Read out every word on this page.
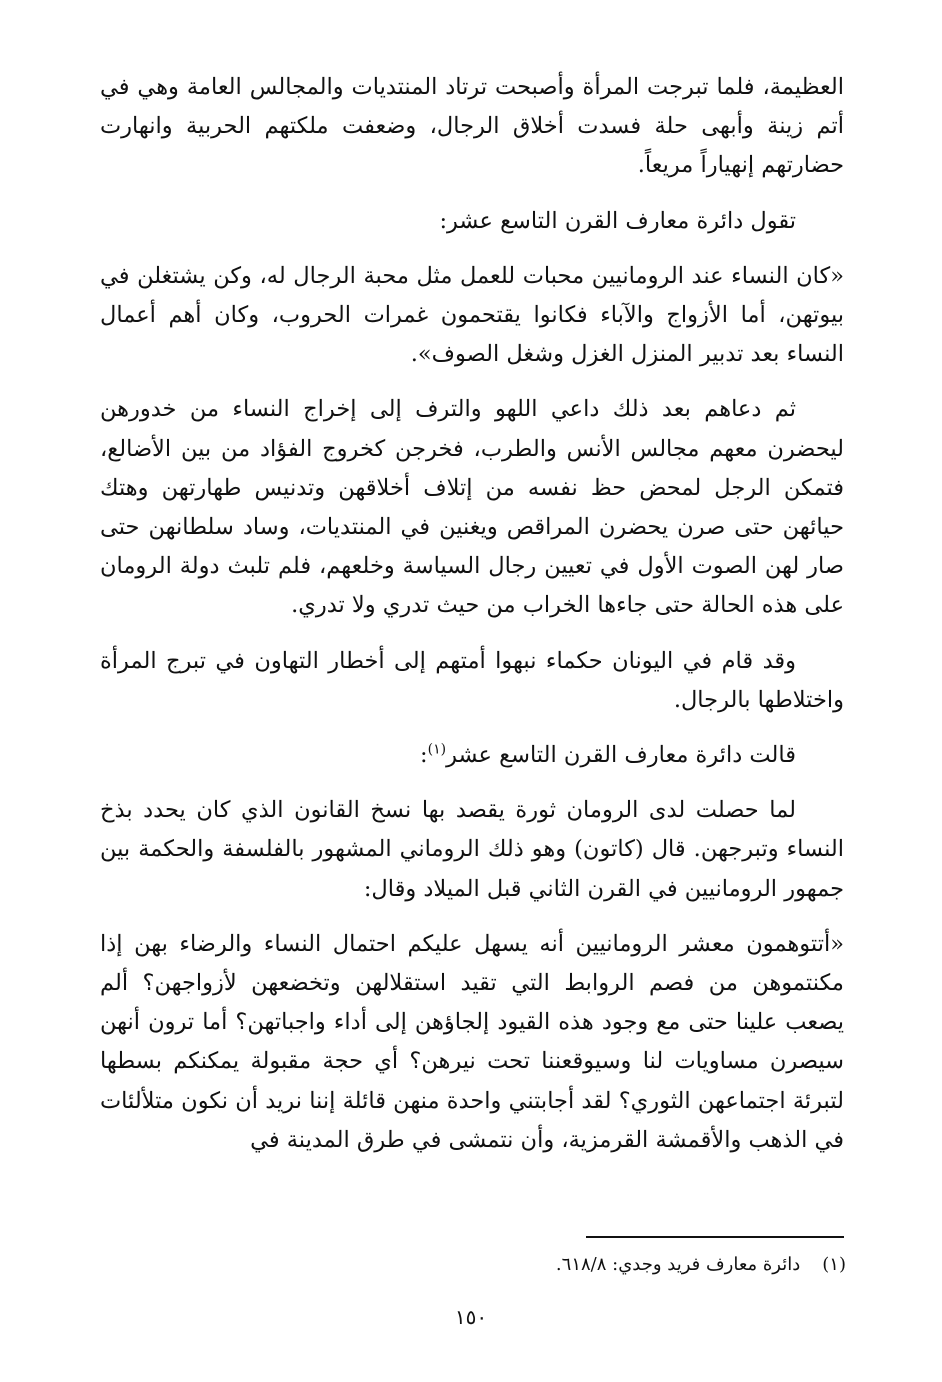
العظيمة، فلما تبرجت المرأة وأصبحت ترتاد المنتديات والمجالس العامة وهي في أتم زينة وأبهى حلة فسدت أخلاق الرجال، وضعفت ملكتهم الحربية وانهارت حضارتهم إنهياراً مريعاً.

تقول دائرة معارف القرن التاسع عشر:

«كان النساء عند الرومانيين محبات للعمل مثل محبة الرجال له، وكن يشتغلن في بيوتهن، أما الأزواج والآباء فكانوا يقتحمون غمرات الحروب، وكان أهم أعمال النساء بعد تدبير المنزل الغزل وشغل الصوف».

ثم دعاهم بعد ذلك داعي اللهو والترف إلى إخراج النساء من خدورهن ليحضرن معهم مجالس الأنس والطرب، فخرجن كخروج الفؤاد من بين الأضالع، فتمكن الرجل لمحض حظ نفسه من إتلاف أخلاقهن وتدنيس طهارتهن وهتك حيائهن حتى صرن يحضرن المراقص ويغنين في المنتديات، وساد سلطانهن حتى صار لهن الصوت الأول في تعيين رجال السياسة وخلعهم، فلم تلبث دولة الرومان على هذه الحالة حتى جاءها الخراب من حيث تدري ولا تدري.

وقد قام في اليونان حكماء نبهوا أمتهم إلى أخطار التهاون في تبرج المرأة واختلاطها بالرجال.

قالت دائرة معارف القرن التاسع عشر$^{(١)}$:

لما حصلت لدى الرومان ثورة يقصد بها نسخ القانون الذي كان يحدد بذخ النساء وتبرجهن. قال (كاتون) وهو ذلك الروماني المشهور بالفلسفة والحكمة بين جمهور الرومانيين في القرن الثاني قبل الميلاد وقال:

«أتتوهمون معشر الرومانيين أنه يسهل عليكم احتمال النساء والرضاء بهن إذا مكنتموهن من فصم الروابط التي تقيد استقلالهن وتخضعهن لأزواجهن؟ ألم يصعب علينا حتى مع وجود هذه القيود إلجاؤهن إلى أداء واجباتهن؟ أما ترون أنهن سيصرن مساويات لنا وسيوقعننا تحت نيرهن؟ أي حجة مقبولة يمكنكم بسطها لتبرئة اجتماعهن الثوري؟ لقد أجابتني واحدة منهن قائلة إننا نريد أن نكون متلألئات في الذهب والأقمشة القرمزية، وأن نتمشى في طرق المدينة في

(١)دائرة معارف فريد وجدي: ٦١٨/٨.
١٥٠
